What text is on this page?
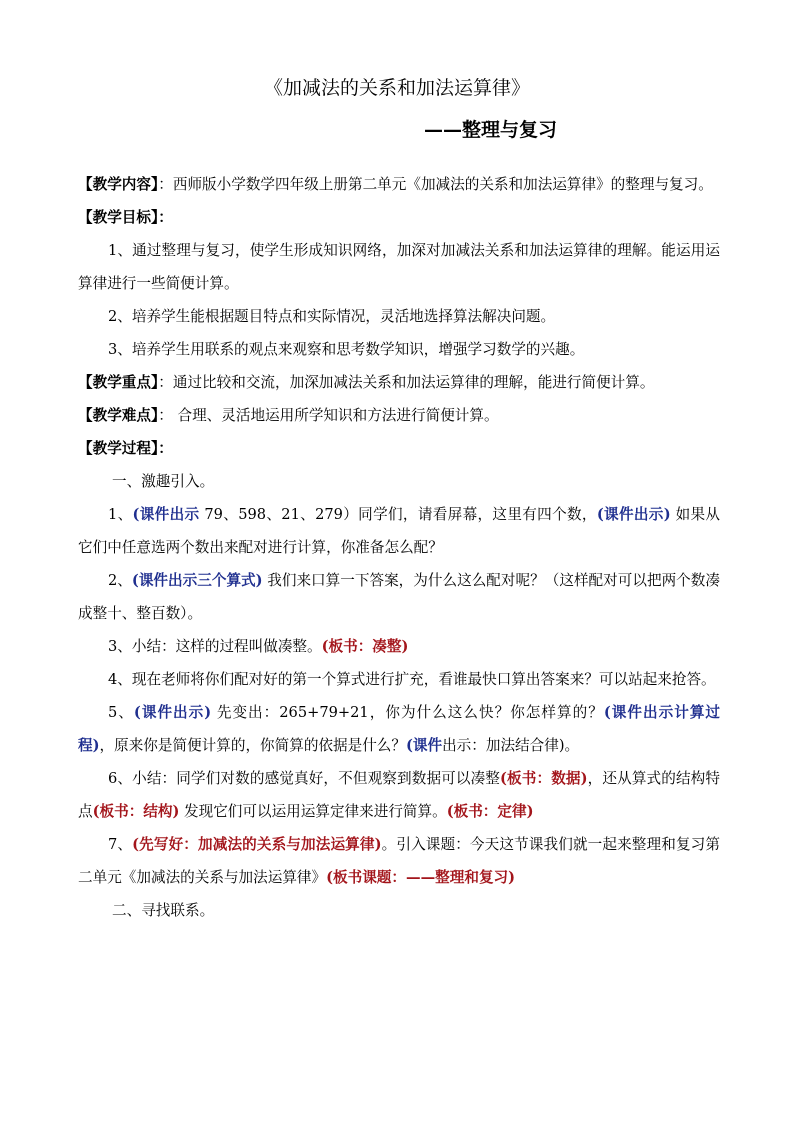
《加减法的关系和加法运算律》
——整理与复习

【教学内容】：西师版小学数学四年级上册第二单元《加减法的关系和加法运算律》的整理与复习。

【教学目标】：

1、通过整理与复习，使学生形成知识网络，加深对加减法关系和加法运算律的理解。能运用运算律进行一些简便计算。

2、培养学生能根据题目特点和实际情况，灵活地选择算法解决问题。

3、培养学生用联系的观点来观察和思考数学知识，增强学习数学的兴趣。

【教学重点】：通过比较和交流，加深加减法关系和加法运算律的理解，能进行简便计算。

【教学难点】： 合理、灵活地运用所学知识和方法进行简便计算。

【教学过程】：

一、激趣引入。

1、(课件出示 79、598、21、279）同学们，请看屏幕，这里有四个数，(课件出示) 如果从它们中任意选两个数出来配对进行计算，你准备怎么配？

2、(课件出示三个算式) 我们来口算一下答案，为什么这么配对呢？（这样配对可以把两个数凑成整十、整百数）。

3、小结：这样的过程叫做凑整。(板书：凑整)

4、现在老师将你们配对好的第一个算式进行扩充，看谁最快口算出答案来？可以站起来抢答。

5、(课件出示) 先变出：265+79+21，你为什么这么快？你怎样算的？(课件出示计算过程)，原来你是简便计算的，你简算的依据是什么？(课件出示：加法结合律)。

6、小结：同学们对数的感觉真好，不但观察到数据可以凑整(板书：数据)，还从算式的结构特点(板书：结构) 发现它们可以运用运算定律来进行简算。(板书：定律)

7、(先写好：加减法的关系与加法运算律)。引入课题：今天这节课我们就一起来整理和复习第二单元《加减法的关系与加法运算律》(板书课题：——整理和复习)

二、寻找联系。
